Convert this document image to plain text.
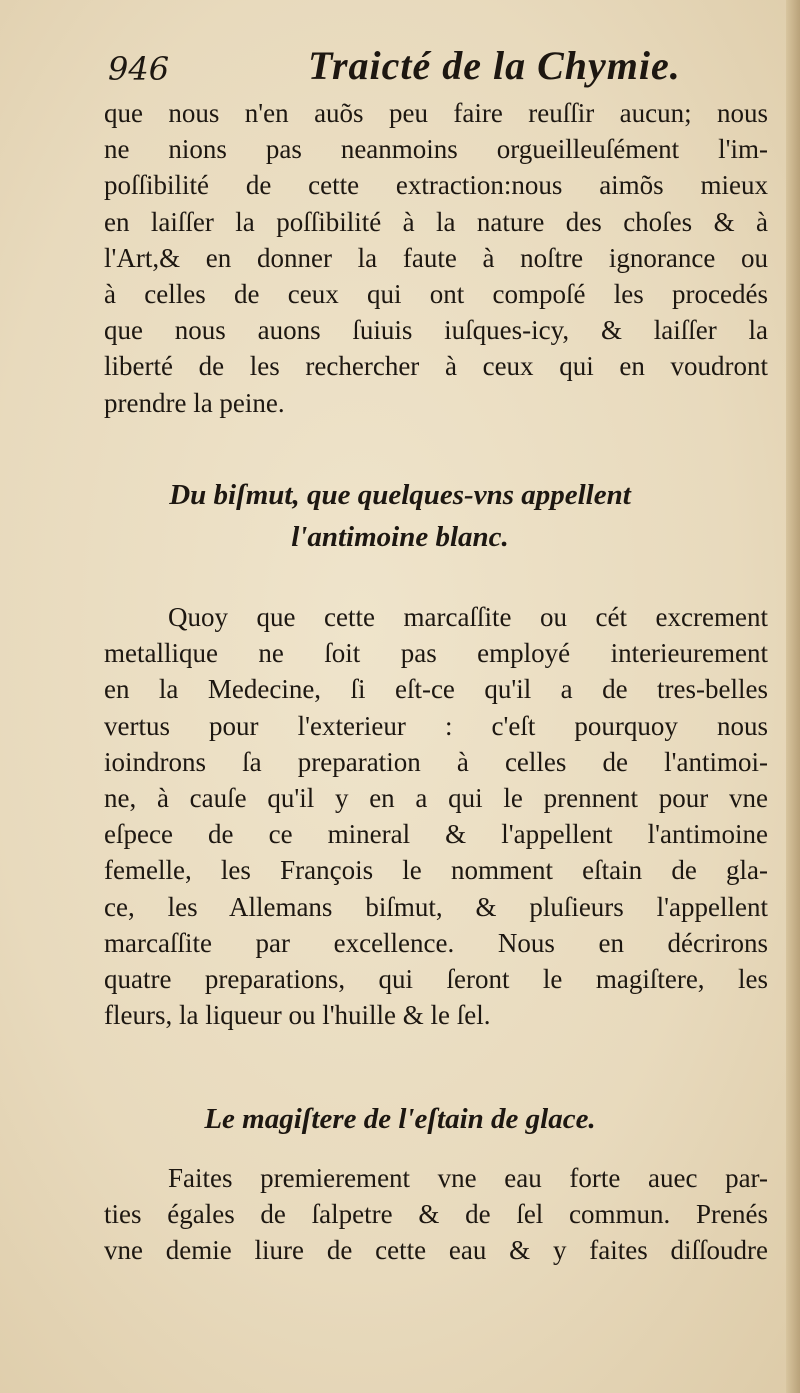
946	Traicté de la Chymie.
que nous n'en auõs peu faire reuſſir aucun; nous
ne nions pas neanmoins orgueilleuſément l'im-
poſſibilité de cette extraction:nous aimõs mieux
en laiſſer la poſſibilité à la nature des choſes & à
l'Art,& en donner la faute à noſtre ignorance ou
à celles de ceux qui ont compoſé les procedés
que nous auons ſuiuis iuſques-icy, & laiſſer la
liberté de les rechercher à ceux qui en voudront
prendre la peine.
Du biſmut, que quelques-vns appellent
l'antimoine blanc.
Quoy que cette marcaſſite ou cét excrement
metallique ne ſoit pas employé interieurement
en la Medecine, ſi eſt-ce qu'il a de tres-belles
vertus pour l'exterieur : c'eſt pourquoy nous
ioindrons ſa preparation à celles de l'antimoi-
ne, à cauſe qu'il y en a qui le prennent pour vne
eſpece de ce mineral & l'appellent l'antimoine
femelle, les François le nomment eſtain de gla-
ce, les Allemans biſmut, & pluſieurs l'appellent
marcaſſite par excellence. Nous en décrirons
quatre preparations, qui ſeront le magiſtere, les
fleurs, la liqueur ou l'huille & le ſel.
Le magiſtere de l'eſtain de glace.
Faites premierement vne eau forte auec par-
ties égales de ſalpetre & de ſel commun. Prenés
vne demie liure de cette eau & y faites diſſoudre
